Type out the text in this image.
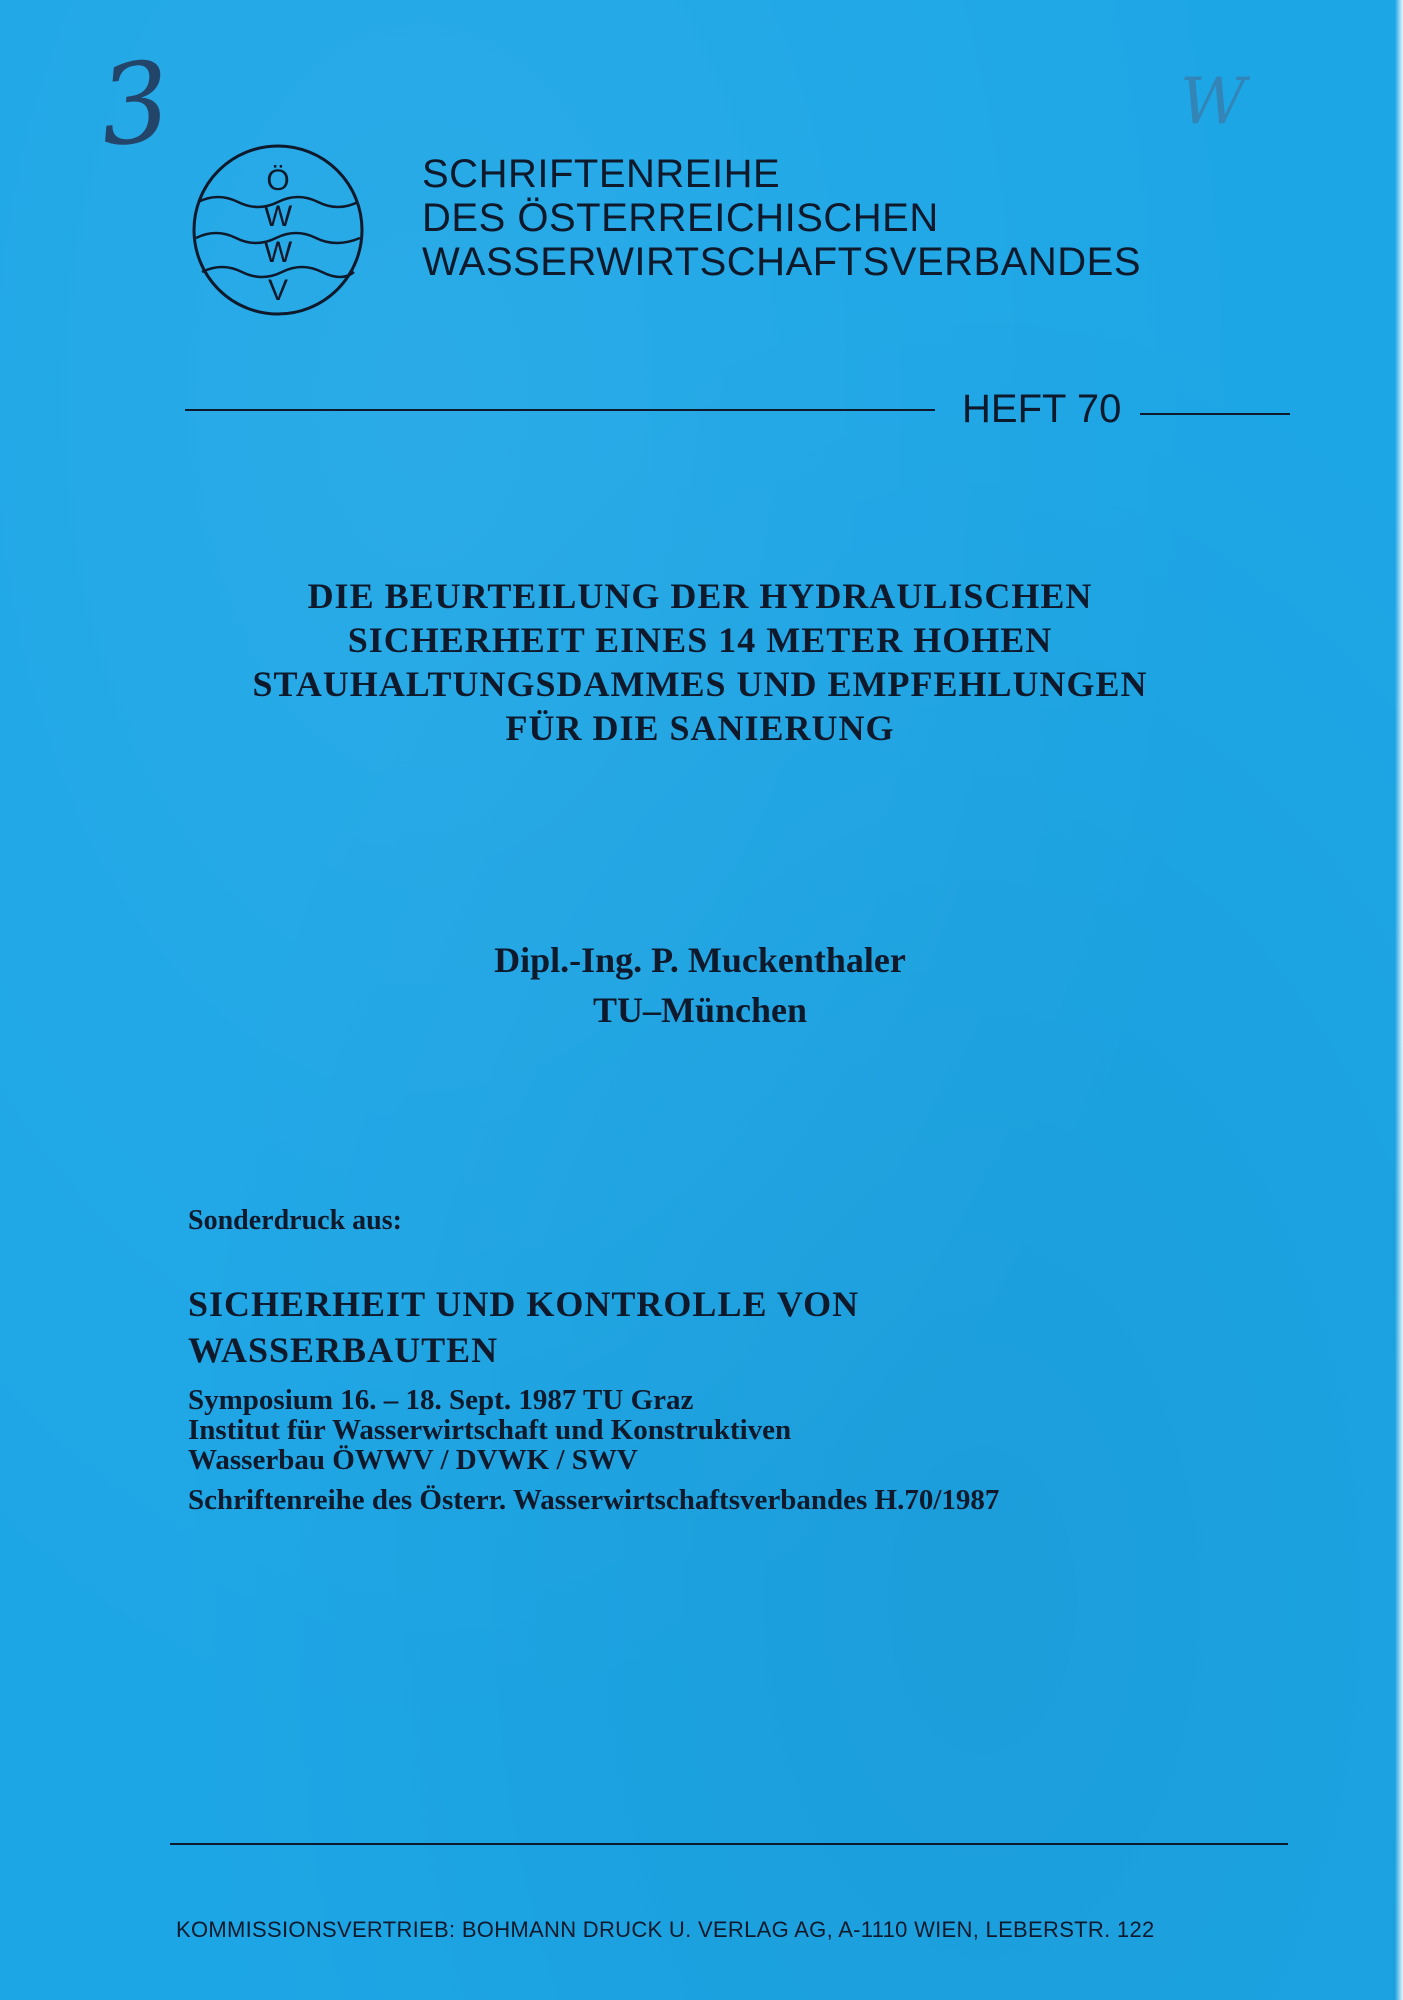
3	W
Ö
W
W
V
SCHRIFTENREIHE
DES ÖSTERREICHISCHEN
WASSERWIRTSCHAFTSVERBANDES
HEFT 70
DIE BEURTEILUNG DER HYDRAULISCHEN
SICHERHEIT EINES 14 METER HOHEN
STAUHALTUNGSDAMMES UND EMPFEHLUNGEN
FÜR DIE SANIERUNG
Dipl.-Ing. P. Muckenthaler
TU–München
Sonderdruck aus:
SICHERHEIT UND KONTROLLE VON
WASSERBAUTEN
Symposium 16. – 18. Sept. 1987 TU Graz
Institut für Wasserwirtschaft und Konstruktiven
Wasserbau ÖWWV / DVWK / SWV
Schriftenreihe des Österr. Wasserwirtschaftsverbandes H.70/1987
KOMMISSIONSVERTRIEB: BOHMANN DRUCK U. VERLAG AG, A-1110 WIEN, LEBERSTR. 122
